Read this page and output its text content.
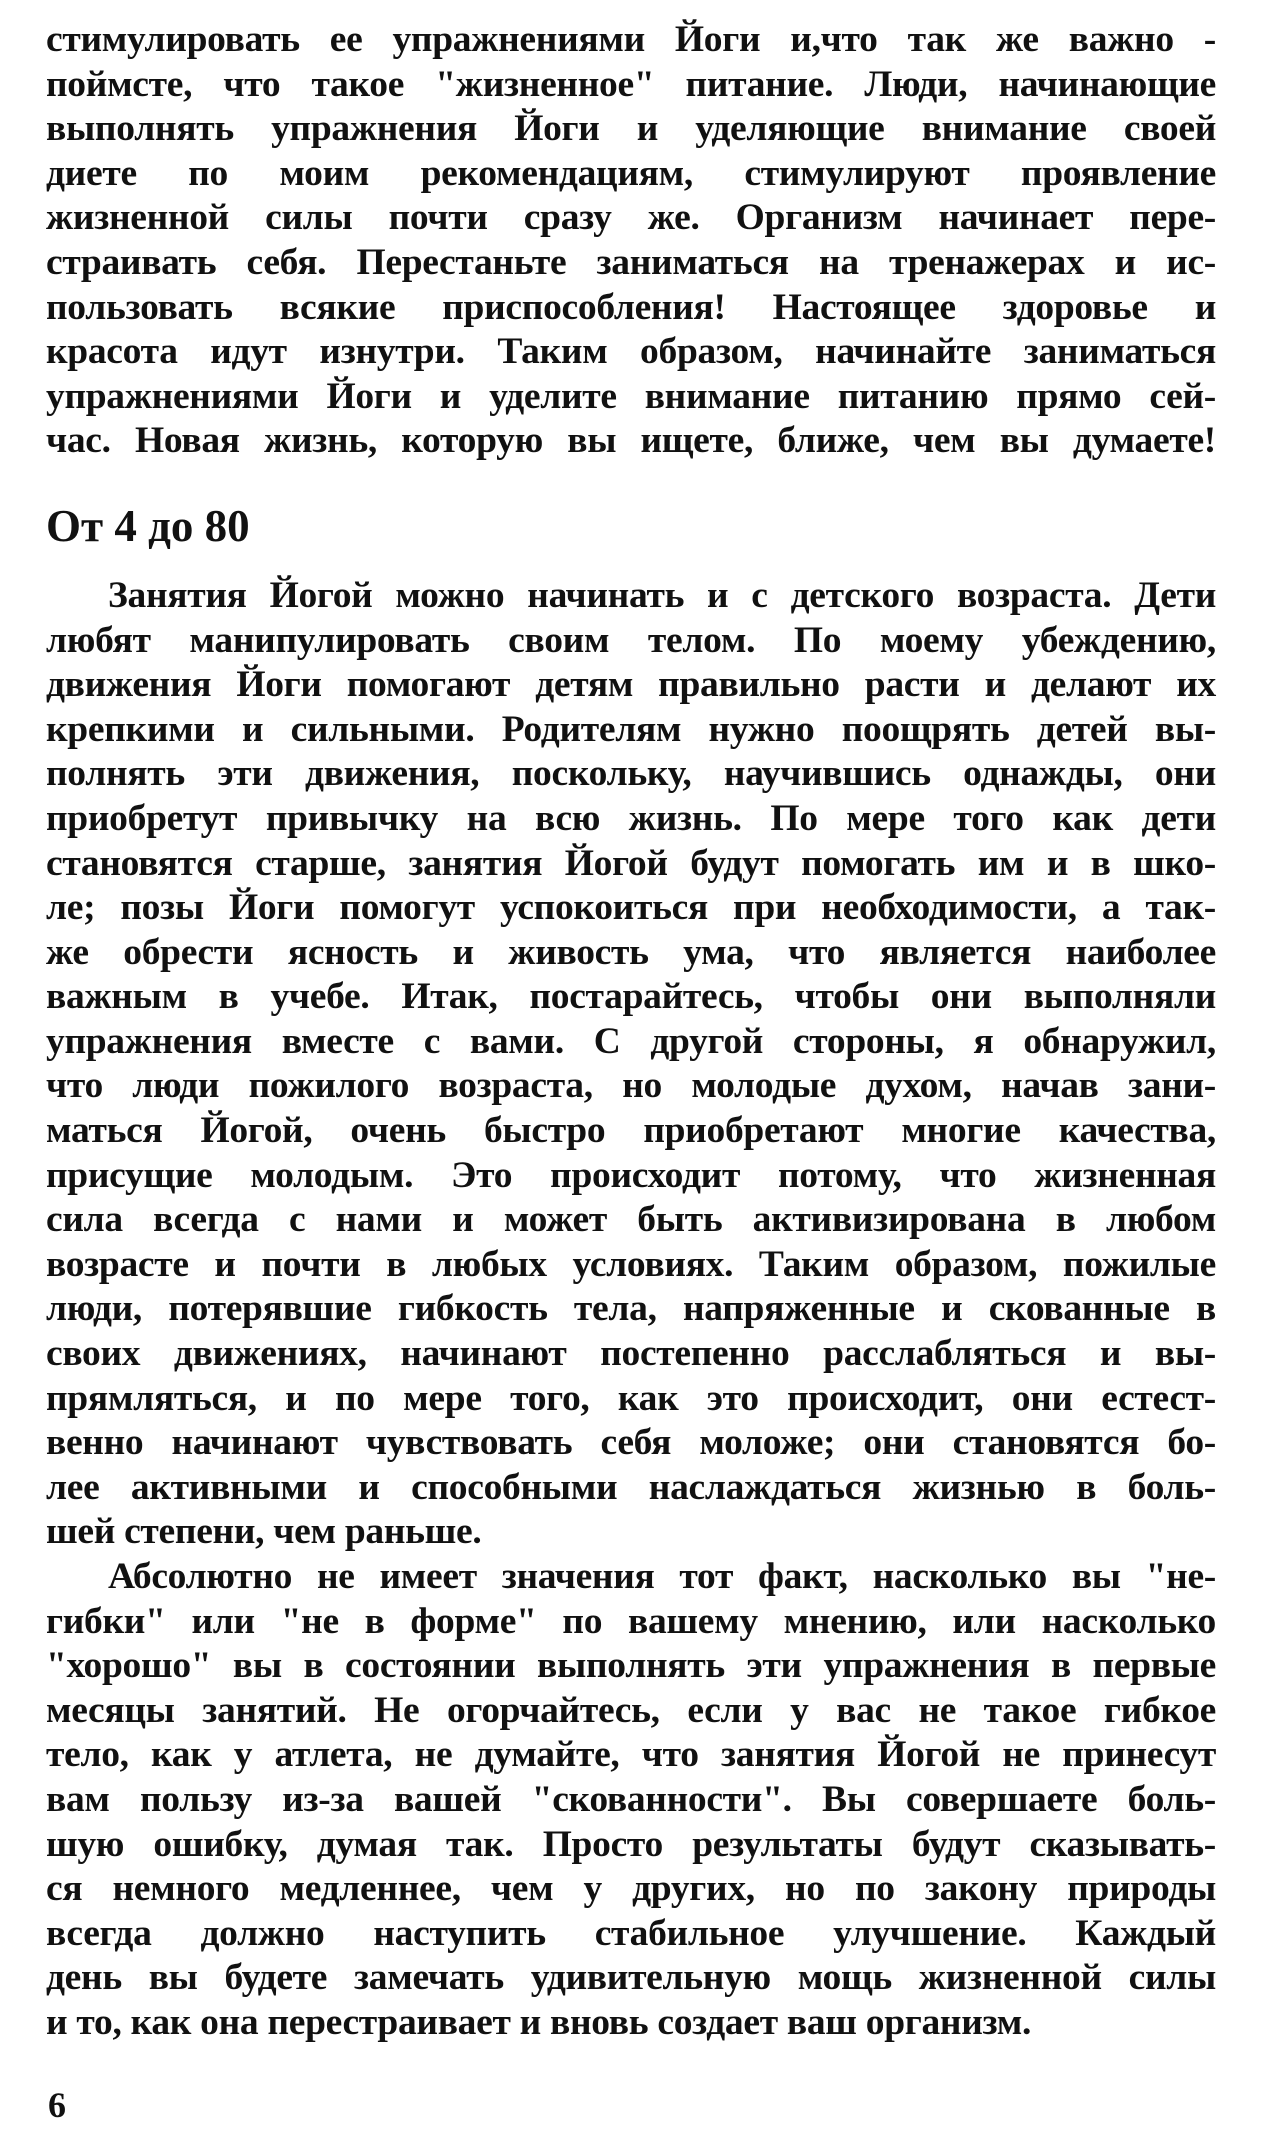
стимулировать ее упражнениями Йоги и,что так же важно -
поймсте, что такое "жизненное" питание. Люди, начинающие
выполнять упражнения Йоги и уделяющие внимание своей
диете по моим рекомендациям, стимулируют проявление
жизненной силы почти сразу же. Организм начинает пере-
страивать себя. Перестаньте заниматься на тренажерах и ис-
пользовать всякие приспособления! Настоящее здоровье и
красота идут изнутри. Таким образом, начинайте заниматься
упражнениями Йоги и уделите внимание питанию прямо сей-
час. Новая жизнь, которую вы ищете, ближе, чем вы думаете!
От 4 до 80
Занятия Йогой можно начинать и с детского возраста. Дети
любят манипулировать своим телом. По моему убеждению,
движения Йоги помогают детям правильно расти и делают их
крепкими и сильными. Родителям нужно поощрять детей вы-
полнять эти движения, поскольку, научившись однажды, они
приобретут привычку на всю жизнь. По мере того как дети
становятся старше, занятия Йогой будут помогать им и в шко-
ле; позы Йоги помогут успокоиться при необходимости, а так-
же обрести ясность и живость ума, что является наиболее
важным в учебе. Итак, постарайтесь, чтобы они выполняли
упражнения вместе с вами. С другой стороны, я обнаружил,
что люди пожилого возраста, но молодые духом, начав зани-
маться Йогой, очень быстро приобретают многие качества,
присущие молодым. Это происходит потому, что жизненная
сила всегда с нами и может быть активизирована в любом
возрасте и почти в любых условиях. Таким образом, пожилые
люди, потерявшие гибкость тела, напряженные и скованные в
своих движениях, начинают постепенно расслабляться и вы-
прямляться, и по мере того, как это происходит, они естест-
венно начинают чувствовать себя моложе; они становятся бо-
лее активными и способными наслаждаться жизнью в боль-
шей степени, чем раньше.
Абсолютно не имеет значения тот факт, насколько вы "не-
гибки" или "не в форме" по вашему мнению, или насколько
"хорошо" вы в состоянии выполнять эти упражнения в первые
месяцы занятий. Не огорчайтесь, если у вас не такое гибкое
тело, как у атлета, не думайте, что занятия Йогой не принесут
вам пользу из-за вашей "скованности". Вы совершаете боль-
шую ошибку, думая так. Просто результаты будут сказывать-
ся немного медленнее, чем у других, но по закону природы
всегда должно наступить стабильное улучшение. Каждый
день вы будете замечать удивительную мощь жизненной силы
и то, как она перестраивает и вновь создает ваш организм.
6
